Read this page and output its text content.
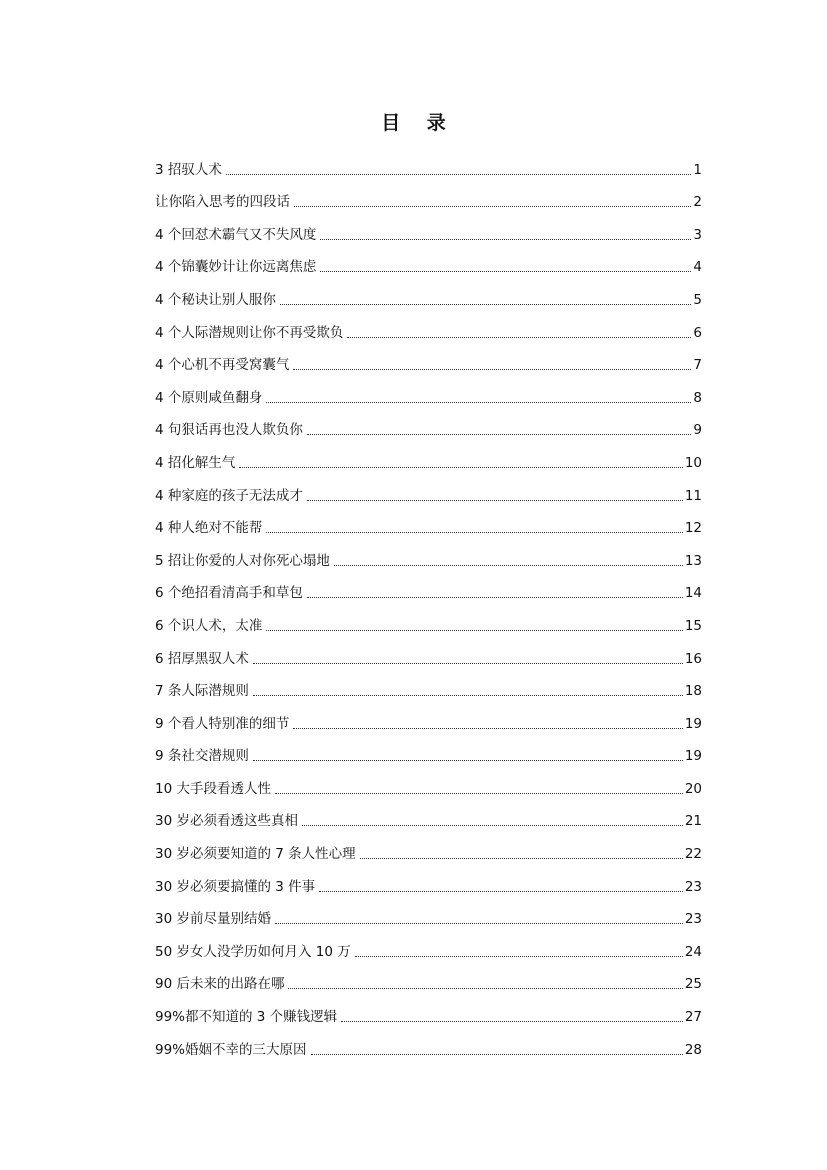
目 录
3 招驭人术	1
让你陷入思考的四段话	2
4 个回怼术霸气又不失风度	3
4 个锦囊妙计让你远离焦虑	4
4 个秘诀让别人服你	5
4 个人际潜规则让你不再受欺负	6
4 个心机不再受窝囊气	7
4 个原则咸鱼翻身	8
4 句狠话再也没人欺负你	9
4 招化解生气	10
4 种家庭的孩子无法成才	11
4 种人绝对不能帮	12
5 招让你爱的人对你死心塌地	13
6 个绝招看清高手和草包	14
6 个识人术，太准	15
6 招厚黑驭人术	16
7 条人际潜规则	18
9 个看人特别准的细节	19
9 条社交潜规则	19
10 大手段看透人性	20
30 岁必须看透这些真相	21
30 岁必须要知道的 7 条人性心理	22
30 岁必须要搞懂的 3 件事	23
30 岁前尽量别结婚	23
50 岁女人没学历如何月入 10 万	24
90 后未来的出路在哪	25
99%都不知道的 3 个赚钱逻辑	27
99%婚姻不幸的三大原因	28
